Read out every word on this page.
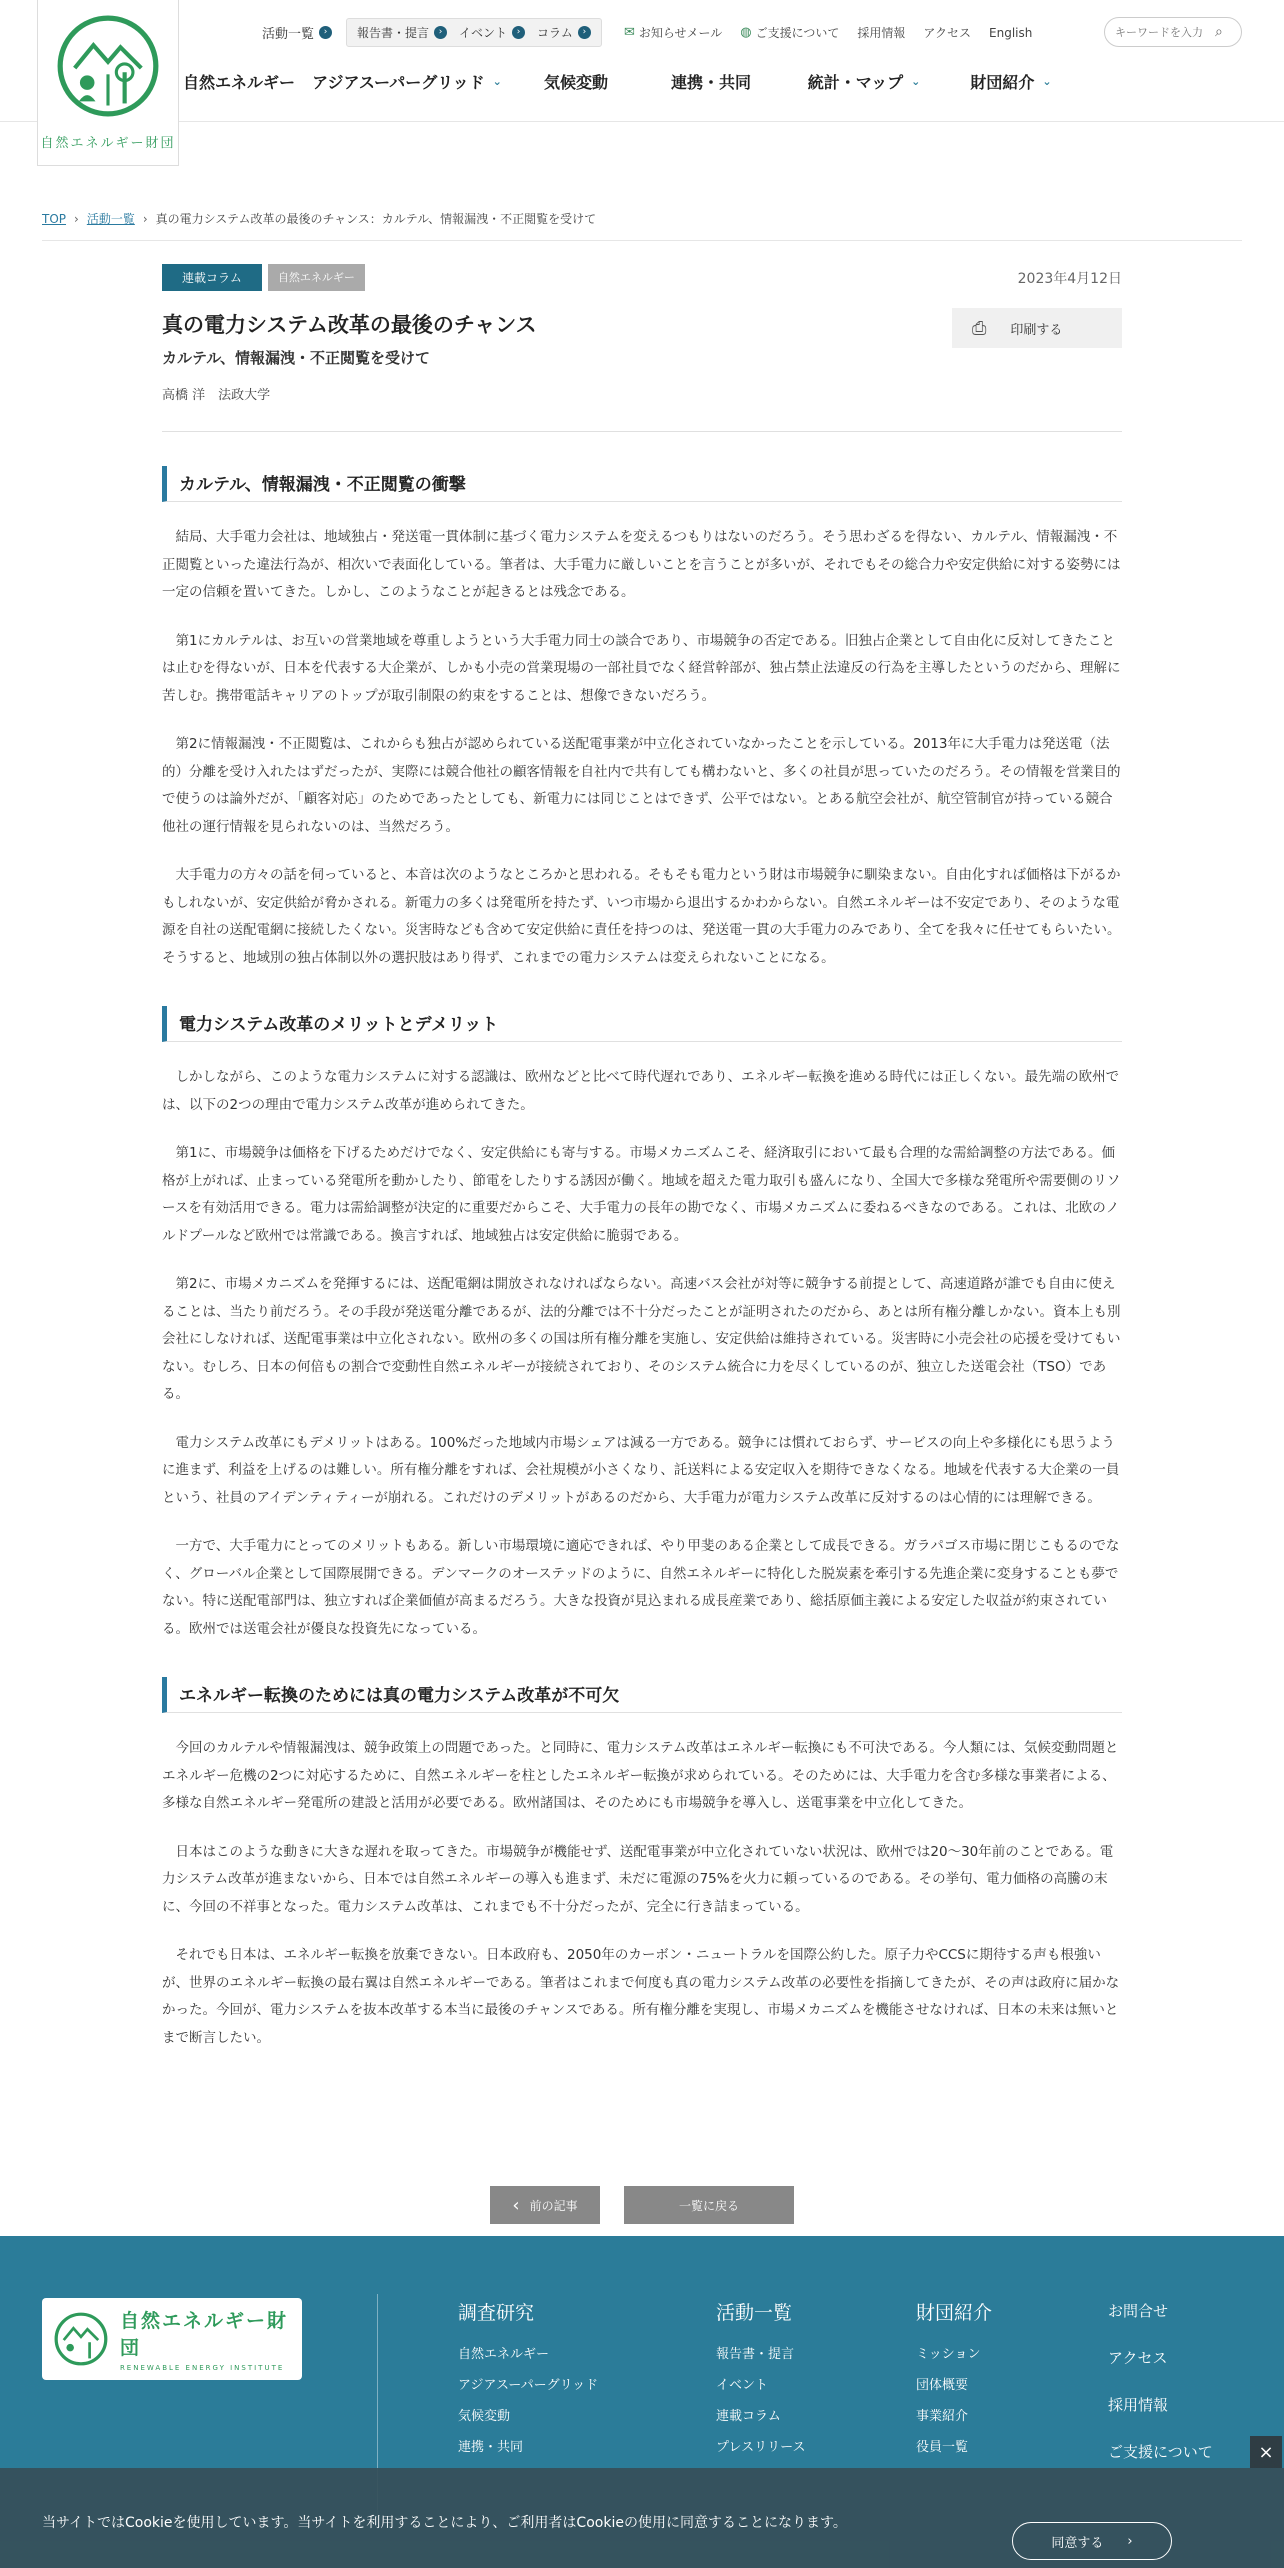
自然エネルギー財団
活動一覧	›	報告書・提言	›	イベント	›	コラム	›	✉ お知らせメール ◍ ご支援について 採用情報 アクセス English
キーワードを入力	⌕
自然エネルギー アジアスーパーグリッド ⌄	気候変動	連携・共同	統計・マップ ⌄	財団紹介 ⌄
TOP › 活動一覧 › 真の電力システム改革の最後のチャンス：カルテル、情報漏洩・不正閲覧を受けて
連載コラム	自然エネルギー	2023年4月12日
真の電力システム改革の最後のチャンス
カルテル、情報漏洩・不正閲覧を受けて
高橋 洋　法政大学
⎙ 印刷する
カルテル、情報漏洩・不正閲覧の衝撃

結局、大手電力会社は、地域独占・発送電一貫体制に基づく電力システムを変えるつもりはないのだろう。そう思わざるを得ない、カルテル、情報漏洩・不正閲覧といった違法行為が、相次いで表面化している。筆者は、大手電力に厳しいことを言うことが多いが、それでもその総合力や安定供給に対する姿勢には一定の信頼を置いてきた。しかし、このようなことが起きるとは残念である。

第1にカルテルは、お互いの営業地域を尊重しようという大手電力同士の談合であり、市場競争の否定である。旧独占企業として自由化に反対してきたことは止むを得ないが、日本を代表する大企業が、しかも小売の営業現場の一部社員でなく経営幹部が、独占禁止法違反の行為を主導したというのだから、理解に苦しむ。携帯電話キャリアのトップが取引制限の約束をすることは、想像できないだろう。

第2に情報漏洩・不正閲覧は、これからも独占が認められている送配電事業が中立化されていなかったことを示している。2013年に大手電力は発送電（法的）分離を受け入れたはずだったが、実際には競合他社の顧客情報を自社内で共有しても構わないと、多くの社員が思っていたのだろう。その情報を営業目的で使うのは論外だが、「顧客対応」のためであったとしても、新電力には同じことはできず、公平ではない。とある航空会社が、航空管制官が持っている競合他社の運行情報を見られないのは、当然だろう。

大手電力の方々の話を伺っていると、本音は次のようなところかと思われる。そもそも電力という財は市場競争に馴染まない。自由化すれば価格は下がるかもしれないが、安定供給が脅かされる。新電力の多くは発電所を持たず、いつ市場から退出するかわからない。自然エネルギーは不安定であり、そのような電源を自社の送配電網に接続したくない。災害時なども含めて安定供給に責任を持つのは、発送電一貫の大手電力のみであり、全てを我々に任せてもらいたい。そうすると、地域別の独占体制以外の選択肢はあり得ず、これまでの電力システムは変えられないことになる。

電力システム改革のメリットとデメリット

しかしながら、このような電力システムに対する認識は、欧州などと比べて時代遅れであり、エネルギー転換を進める時代には正しくない。最先端の欧州では、以下の2つの理由で電力システム改革が進められてきた。

第1に、市場競争は価格を下げるためだけでなく、安定供給にも寄与する。市場メカニズムこそ、経済取引において最も合理的な需給調整の方法である。価格が上がれば、止まっている発電所を動かしたり、節電をしたりする誘因が働く。地域を超えた電力取引も盛んになり、全国大で多様な発電所や需要側のリソースを有効活用できる。電力は需給調整が決定的に重要だからこそ、大手電力の長年の勘でなく、市場メカニズムに委ねるべきなのである。これは、北欧のノルドプールなど欧州では常識である。換言すれば、地域独占は安定供給に脆弱である。

第2に、市場メカニズムを発揮するには、送配電網は開放されなければならない。高速バス会社が対等に競争する前提として、高速道路が誰でも自由に使えることは、当たり前だろう。その手段が発送電分離であるが、法的分離では不十分だったことが証明されたのだから、あとは所有権分離しかない。資本上も別会社にしなければ、送配電事業は中立化されない。欧州の多くの国は所有権分離を実施し、安定供給は維持されている。災害時に小売会社の応援を受けてもいない。むしろ、日本の何倍もの割合で変動性自然エネルギーが接続されており、そのシステム統合に力を尽くしているのが、独立した送電会社（TSO）である。

電力システム改革にもデメリットはある。100%だった地域内市場シェアは減る一方である。競争には慣れておらず、サービスの向上や多様化にも思うように進まず、利益を上げるのは難しい。所有権分離をすれば、会社規模が小さくなり、託送料による安定収入を期待できなくなる。地域を代表する大企業の一員という、社員のアイデンティティーが崩れる。これだけのデメリットがあるのだから、大手電力が電力システム改革に反対するのは心情的には理解できる。

一方で、大手電力にとってのメリットもある。新しい市場環境に適応できれば、やり甲斐のある企業として成長できる。ガラパゴス市場に閉じこもるのでなく、グローバル企業として国際展開できる。デンマークのオーステッドのように、自然エネルギーに特化した脱炭素を牽引する先進企業に変身することも夢でない。特に送配電部門は、独立すれば企業価値が高まるだろう。大きな投資が見込まれる成長産業であり、総括原価主義による安定した収益が約束されている。欧州では送電会社が優良な投資先になっている。

エネルギー転換のためには真の電力システム改革が不可欠

今回のカルテルや情報漏洩は、競争政策上の問題であった。と同時に、電力システム改革はエネルギー転換にも不可決である。今人類には、気候変動問題とエネルギー危機の2つに対応するために、自然エネルギーを柱としたエネルギー転換が求められている。そのためには、大手電力を含む多様な事業者による、多様な自然エネルギー発電所の建設と活用が必要である。欧州諸国は、そのためにも市場競争を導入し、送電事業を中立化してきた。

日本はこのような動きに大きな遅れを取ってきた。市場競争が機能せず、送配電事業が中立化されていない状況は、欧州では20～30年前のことである。電力システム改革が進まないから、日本では自然エネルギーの導入も進まず、未だに電源の75%を火力に頼っているのである。その挙句、電力価格の高騰の末に、今回の不祥事となった。電力システム改革は、これまでも不十分だったが、完全に行き詰まっている。

それでも日本は、エネルギー転換を放棄できない。日本政府も、2050年のカーボン・ニュートラルを国際公約した。原子力やCCSに期待する声も根強いが、世界のエネルギー転換の最右翼は自然エネルギーである。筆者はこれまで何度も真の電力システム改革の必要性を指摘してきたが、その声は政府に届かなかった。今回が、電力システムを抜本改革する本当に最後のチャンスである。所有権分離を実現し、市場メカニズムを機能させなければ、日本の未来は無いとまで断言したい。

‹ 前の記事	一覧に戻る
自然エネルギー財団
RENEWABLE ENERGY INSTITUTE
調査研究
自然エネルギー
アジアスーパーグリッド
気候変動
連携・共同
活動一覧
報告書・提言
イベント
連載コラム
プレスリリース
財団紹介
ミッション
団体概要
事業紹介
役員一覧
お問合せ
アクセス
採用情報
ご支援について
当サイトではCookieを使用しています。当サイトを利用することにより、ご利用者はCookieの使用に同意することになります。
同意する ›
×
